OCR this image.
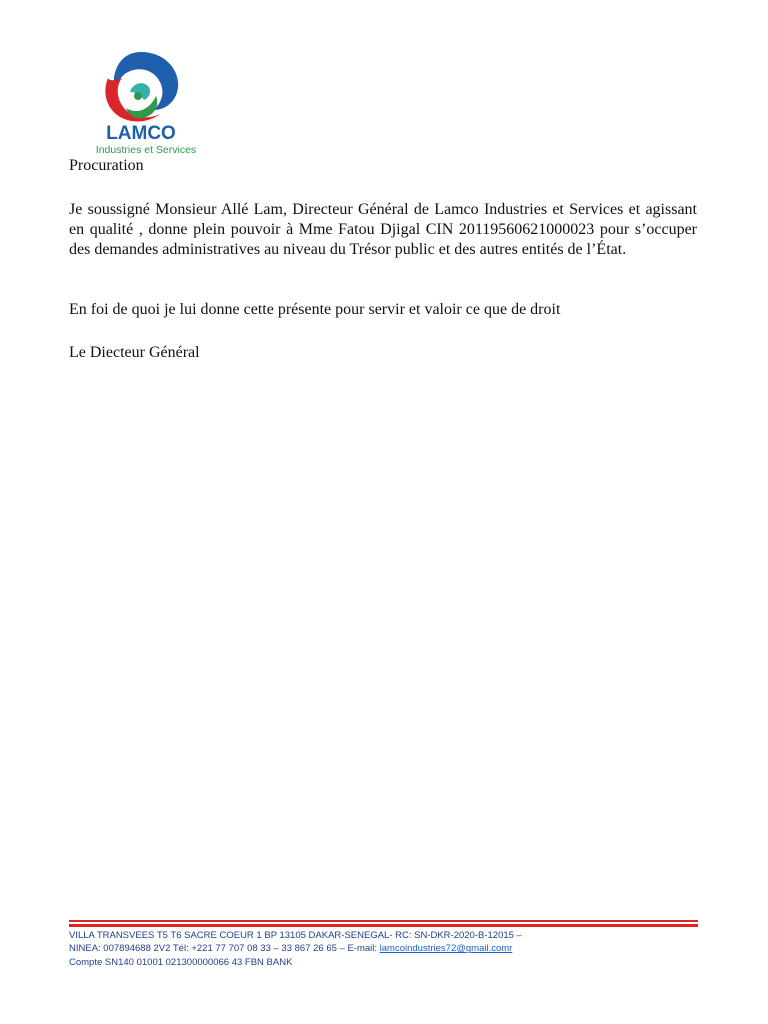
LAMCO
Industries et Services
Procuration
Je soussigné Monsieur Allé Lam, Directeur Général de Lamco Industries et Services et agissant en qualité , donne plein pouvoir à Mme Fatou Djigal CIN 20119560621000023 pour s’occuper des demandes administratives au niveau du Trésor public et des autres entités de l’État.
En foi de quoi je lui donne cette présente pour servir et valoir ce que de droit
Le Diecteur Général
VILLA TRANSVEES T5 T6 SACRE COEUR 1 BP 13105 DAKAR-SENEGAL- RC: SN-DKR-2020-B-12015 –
NINEA: 007894688 2V2 Tél: +221 77 707 08 33 – 33 867 26 65 – E-mail: lamcoindustries72@gmail.comr
Compte SN140 01001 021300000066 43 FBN BANK
